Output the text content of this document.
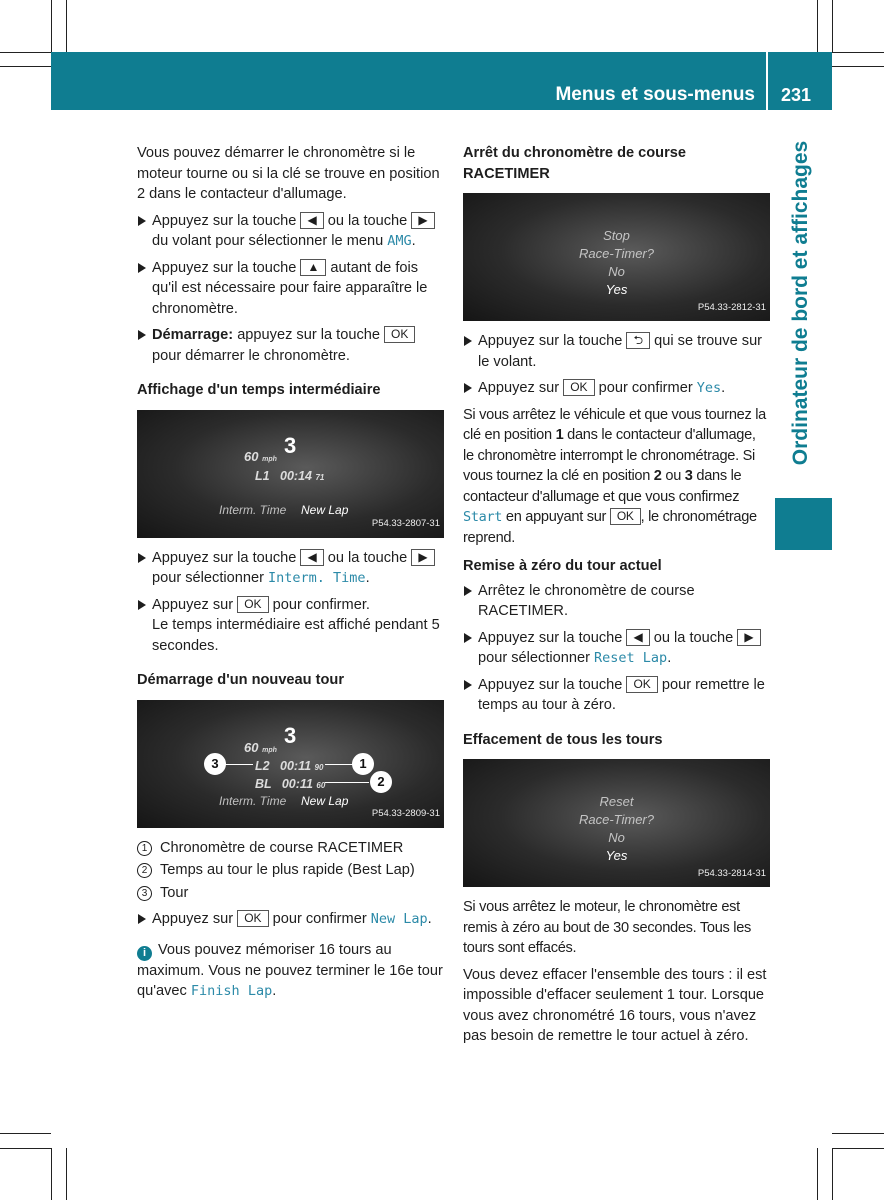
Menus et sous-menus 231
Ordinateur de bord et affichages

Vous pouvez démarrer le chronomètre si le moteur tourne ou si la clé se trouve en position 2 dans le contacteur d'allumage.

Appuyez sur la touche ◀ ou la touche ▶ du volant pour sélectionner le menu AMG.
Appuyez sur la touche ▲ autant de fois qu'il est nécessaire pour faire apparaître le chronomètre.
Démarrage: appuyez sur la touche OK pour démarrer le chronomètre.
Affichage d'un temps intermédiaire
60 mph
3
L1 00:14 71
Interm. Time New Lap
P54.33-2807-31
Appuyez sur la touche ◀ ou la touche ▶ pour sélectionner Interm. Time.
Appuyez sur OK pour confirmer.
Le temps intermédiaire est affiché pendant 5 secondes.
Démarrage d'un nouveau tour
60 mph
3
L2 00:11 90
BL 00:11 60
Interm. Time New Lap
3	1
2
P54.33-2809-31
1 Chronomètre de course RACETIMER
2 Temps au tour le plus rapide (Best Lap)
3 Tour
Appuyez sur OK pour confirmer New Lap.
i Vous pouvez mémoriser 16 tours au maximum. Vous ne pouvez terminer le 16e tour qu'avec Finish Lap.
Arrêt du chronomètre de course RACETIMER
Stop
Race-Timer?
No
Yes
P54.33-2812-31
Appuyez sur la touche ⮌ qui se trouve sur le volant.
Appuyez sur OK pour confirmer Yes.

Si vous arrêtez le véhicule et que vous tournez la clé en position 1 dans le contacteur d'allumage, le chronomètre interrompt le chronométrage. Si vous tournez la clé en position 2 ou 3 dans le contacteur d'allumage et que vous confirmez Start en appuyant sur OK , le chronométrage reprend.

Remise à zéro du tour actuel
Arrêtez le chronomètre de course RACETIMER.
Appuyez sur la touche ◀ ou la touche ▶ pour sélectionner Reset Lap.
Appuyez sur la touche OK pour remettre le temps au tour à zéro.
Effacement de tous les tours
Reset
Race-Timer?
No
Yes
P54.33-2814-31

Si vous arrêtez le moteur, le chronomètre est remis à zéro au bout de 30 secondes. Tous les tours sont effacés.

Vous devez effacer l'ensemble des tours : il est impossible d'effacer seulement 1 tour. Lorsque vous avez chronométré 16 tours, vous n'avez pas besoin de remettre le tour actuel à zéro.
